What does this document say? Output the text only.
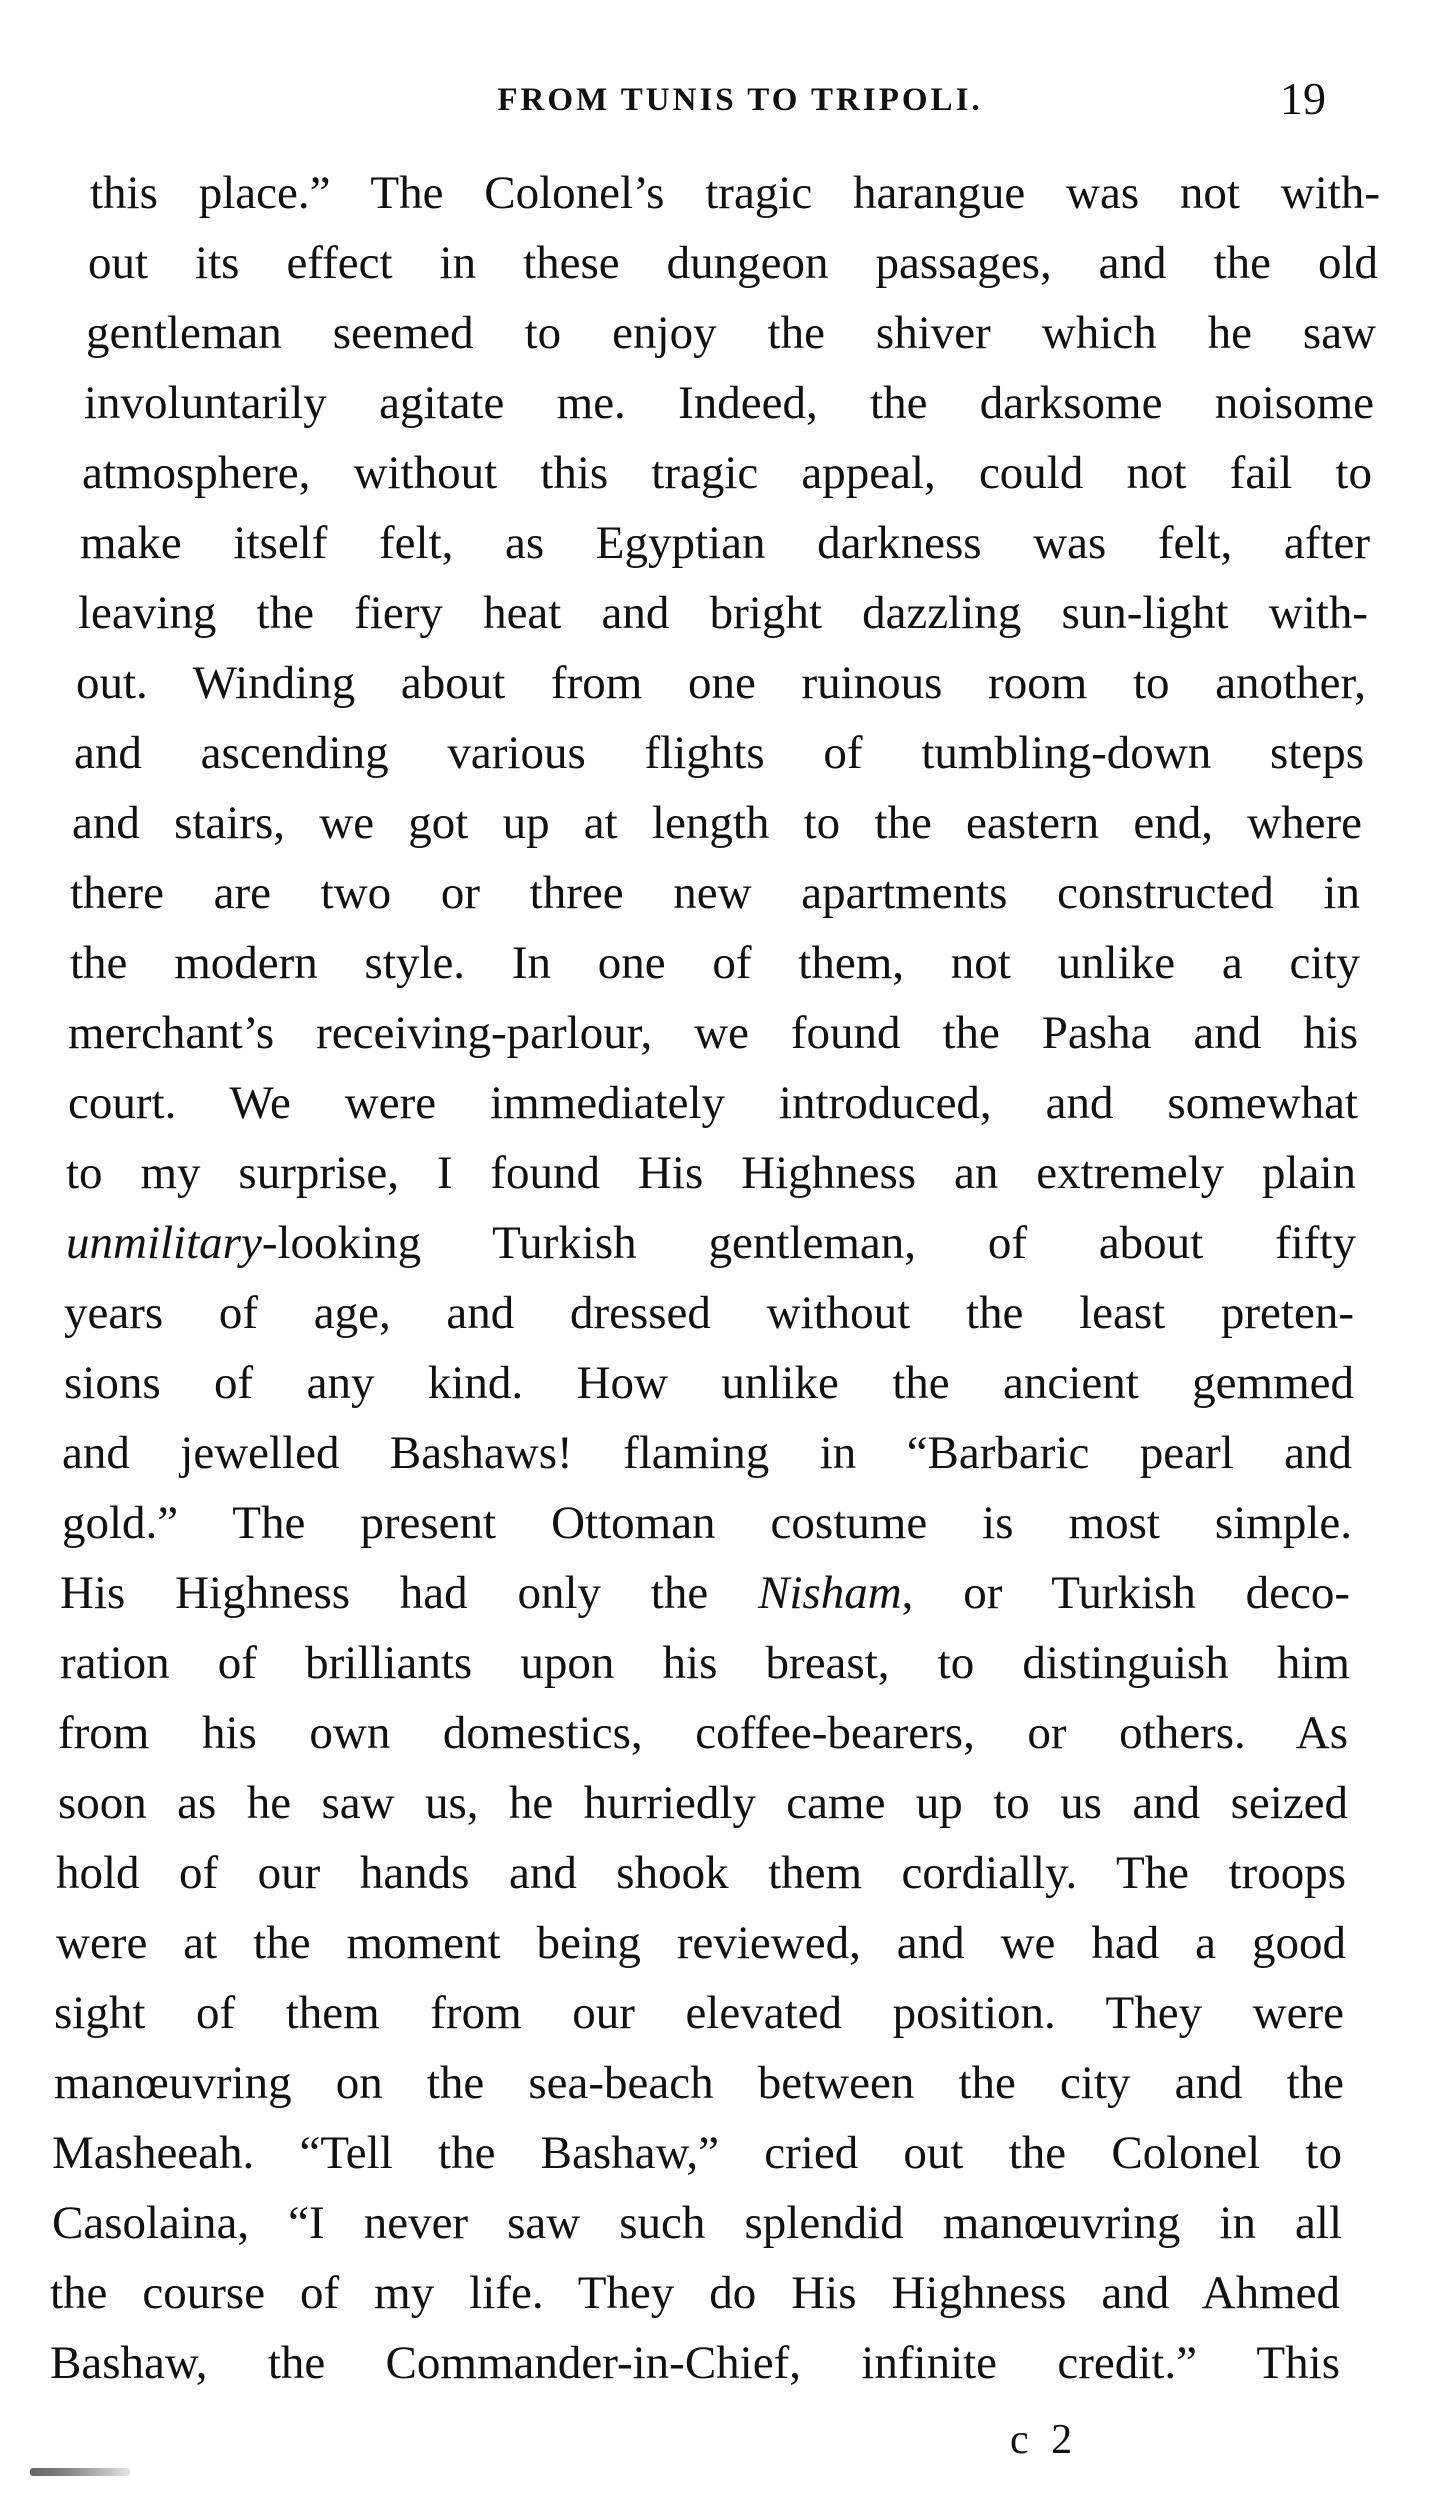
FROM TUNIS TO TRIPOLI.	19
this place.” The Colonel’s tragic harangue was not with-
out its effect in these dungeon passages, and the old
gentleman seemed to enjoy the shiver which he saw
involuntarily agitate me. Indeed, the darksome noisome
atmosphere, without this tragic appeal, could not fail to
make itself felt, as Egyptian darkness was felt, after
leaving the fiery heat and bright dazzling sun-light with-
out. Winding about from one ruinous room to another,
and ascending various flights of tumbling-down steps
and stairs, we got up at length to the eastern end, where
there are two or three new apartments constructed in
the modern style. In one of them, not unlike a city
merchant’s receiving-parlour, we found the Pasha and his
court. We were immediately introduced, and somewhat
to my surprise, I found His Highness an extremely plain
unmilitary-looking Turkish gentleman, of about fifty
years of age, and dressed without the least preten-
sions of any kind. How unlike the ancient gemmed
and jewelled Bashaws! flaming in “Barbaric pearl and
gold.” The present Ottoman costume is most simple.
His Highness had only the Nisham, or Turkish deco-
ration of brilliants upon his breast, to distinguish him
from his own domestics, coffee-bearers, or others. As
soon as he saw us, he hurriedly came up to us and seized
hold of our hands and shook them cordially. The troops
were at the moment being reviewed, and we had a good
sight of them from our elevated position. They were
manœuvring on the sea-beach between the city and the
Masheeah. “Tell the Bashaw,” cried out the Colonel to
Casolaina, “I never saw such splendid manœuvring in all
the course of my life. They do His Highness and Ahmed
Bashaw, the Commander-in-Chief, infinite credit.” This
c 2
